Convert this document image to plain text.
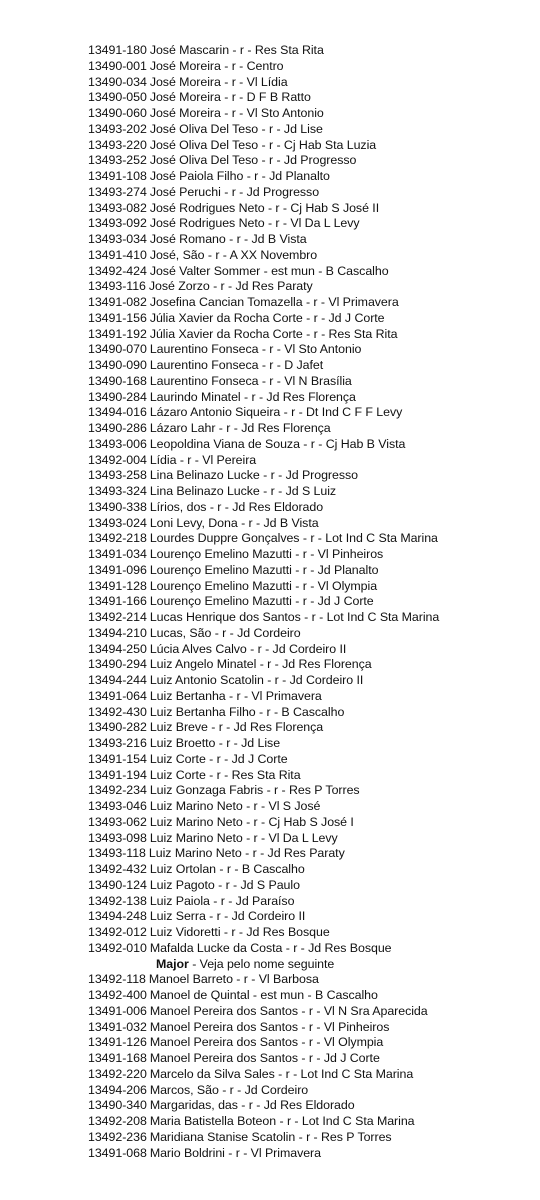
13491-180 José Mascarin - r - Res Sta Rita
13490-001 José Moreira - r - Centro
13490-034 José Moreira - r - Vl Lídia
13490-050 José Moreira - r - D F B Ratto
13490-060 José Moreira - r - Vl Sto Antonio
13493-202 José Oliva Del Teso - r - Jd Lise
13493-220 José Oliva Del Teso - r - Cj Hab Sta Luzia
13493-252 José Oliva Del Teso - r - Jd Progresso
13491-108 José Paiola Filho - r - Jd Planalto
13493-274 José Peruchi - r - Jd Progresso
13493-082 José Rodrigues Neto - r - Cj Hab S José II
13493-092 José Rodrigues Neto - r - Vl Da L Levy
13493-034 José Romano - r - Jd B Vista
13491-410 José, São - r - A XX Novembro
13492-424 José Valter Sommer - est mun - B Cascalho
13493-116 José Zorzo - r - Jd Res Paraty
13491-082 Josefina Cancian Tomazella - r - Vl Primavera
13491-156 Júlia Xavier da Rocha Corte - r - Jd J Corte
13491-192 Júlia Xavier da Rocha Corte - r - Res Sta Rita
13490-070 Laurentino Fonseca - r - Vl Sto Antonio
13490-090 Laurentino Fonseca - r - D Jafet
13490-168 Laurentino Fonseca - r - Vl N Brasília
13490-284 Laurindo Minatel - r - Jd Res Florença
13494-016 Lázaro Antonio Siqueira - r - Dt Ind C F F Levy
13490-286 Lázaro Lahr - r - Jd Res Florença
13493-006 Leopoldina Viana de Souza - r - Cj Hab B Vista
13492-004 Lídia - r - Vl Pereira
13493-258 Lina Belinazo Lucke - r - Jd Progresso
13493-324 Lina Belinazo Lucke - r - Jd S Luiz
13490-338 Lírios, dos - r - Jd Res Eldorado
13493-024 Loni Levy, Dona - r - Jd B Vista
13492-218 Lourdes Duppre Gonçalves - r - Lot Ind C Sta Marina
13491-034 Lourenço Emelino Mazutti - r - Vl Pinheiros
13491-096 Lourenço Emelino Mazutti - r - Jd Planalto
13491-128 Lourenço Emelino Mazutti - r - Vl Olympia
13491-166 Lourenço Emelino Mazutti - r - Jd J Corte
13492-214 Lucas Henrique dos Santos - r - Lot Ind C Sta Marina
13494-210 Lucas, São - r - Jd Cordeiro
13494-250 Lúcia Alves Calvo - r - Jd Cordeiro II
13490-294 Luiz Angelo Minatel - r - Jd Res Florença
13494-244 Luiz Antonio Scatolin - r - Jd Cordeiro II
13491-064 Luiz Bertanha - r - Vl Primavera
13492-430 Luiz Bertanha Filho - r - B Cascalho
13490-282 Luiz Breve - r - Jd Res Florença
13493-216 Luiz Broetto - r - Jd Lise
13491-154 Luiz Corte - r - Jd J Corte
13491-194 Luiz Corte - r - Res Sta Rita
13492-234 Luiz Gonzaga Fabris - r - Res P Torres
13493-046 Luiz Marino Neto - r - Vl S José
13493-062 Luiz Marino Neto - r - Cj Hab S José I
13493-098 Luiz Marino Neto - r - Vl Da L Levy
13493-118 Luiz Marino Neto - r - Jd Res Paraty
13492-432 Luiz Ortolan - r - B Cascalho
13490-124 Luiz Pagoto - r - Jd S Paulo
13492-138 Luiz Paiola - r - Jd Paraíso
13494-248 Luiz Serra - r - Jd Cordeiro II
13492-012 Luiz Vidoretti - r - Jd Res Bosque
13492-010 Mafalda Lucke da Costa - r - Jd Res Bosque
Major - Veja pelo nome seguinte
13492-118 Manoel Barreto - r - Vl Barbosa
13492-400 Manoel de Quintal - est mun - B Cascalho
13491-006 Manoel Pereira dos Santos - r - Vl N Sra Aparecida
13491-032 Manoel Pereira dos Santos - r - Vl Pinheiros
13491-126 Manoel Pereira dos Santos - r - Vl Olympia
13491-168 Manoel Pereira dos Santos - r - Jd J Corte
13492-220 Marcelo da Silva Sales - r - Lot Ind C Sta Marina
13494-206 Marcos, São - r - Jd Cordeiro
13490-340 Margaridas, das - r - Jd Res Eldorado
13492-208 Maria Batistella Boteon - r - Lot Ind C Sta Marina
13492-236 Maridiana Stanise Scatolin - r - Res P Torres
13491-068 Mario Boldrini - r - Vl Primavera
